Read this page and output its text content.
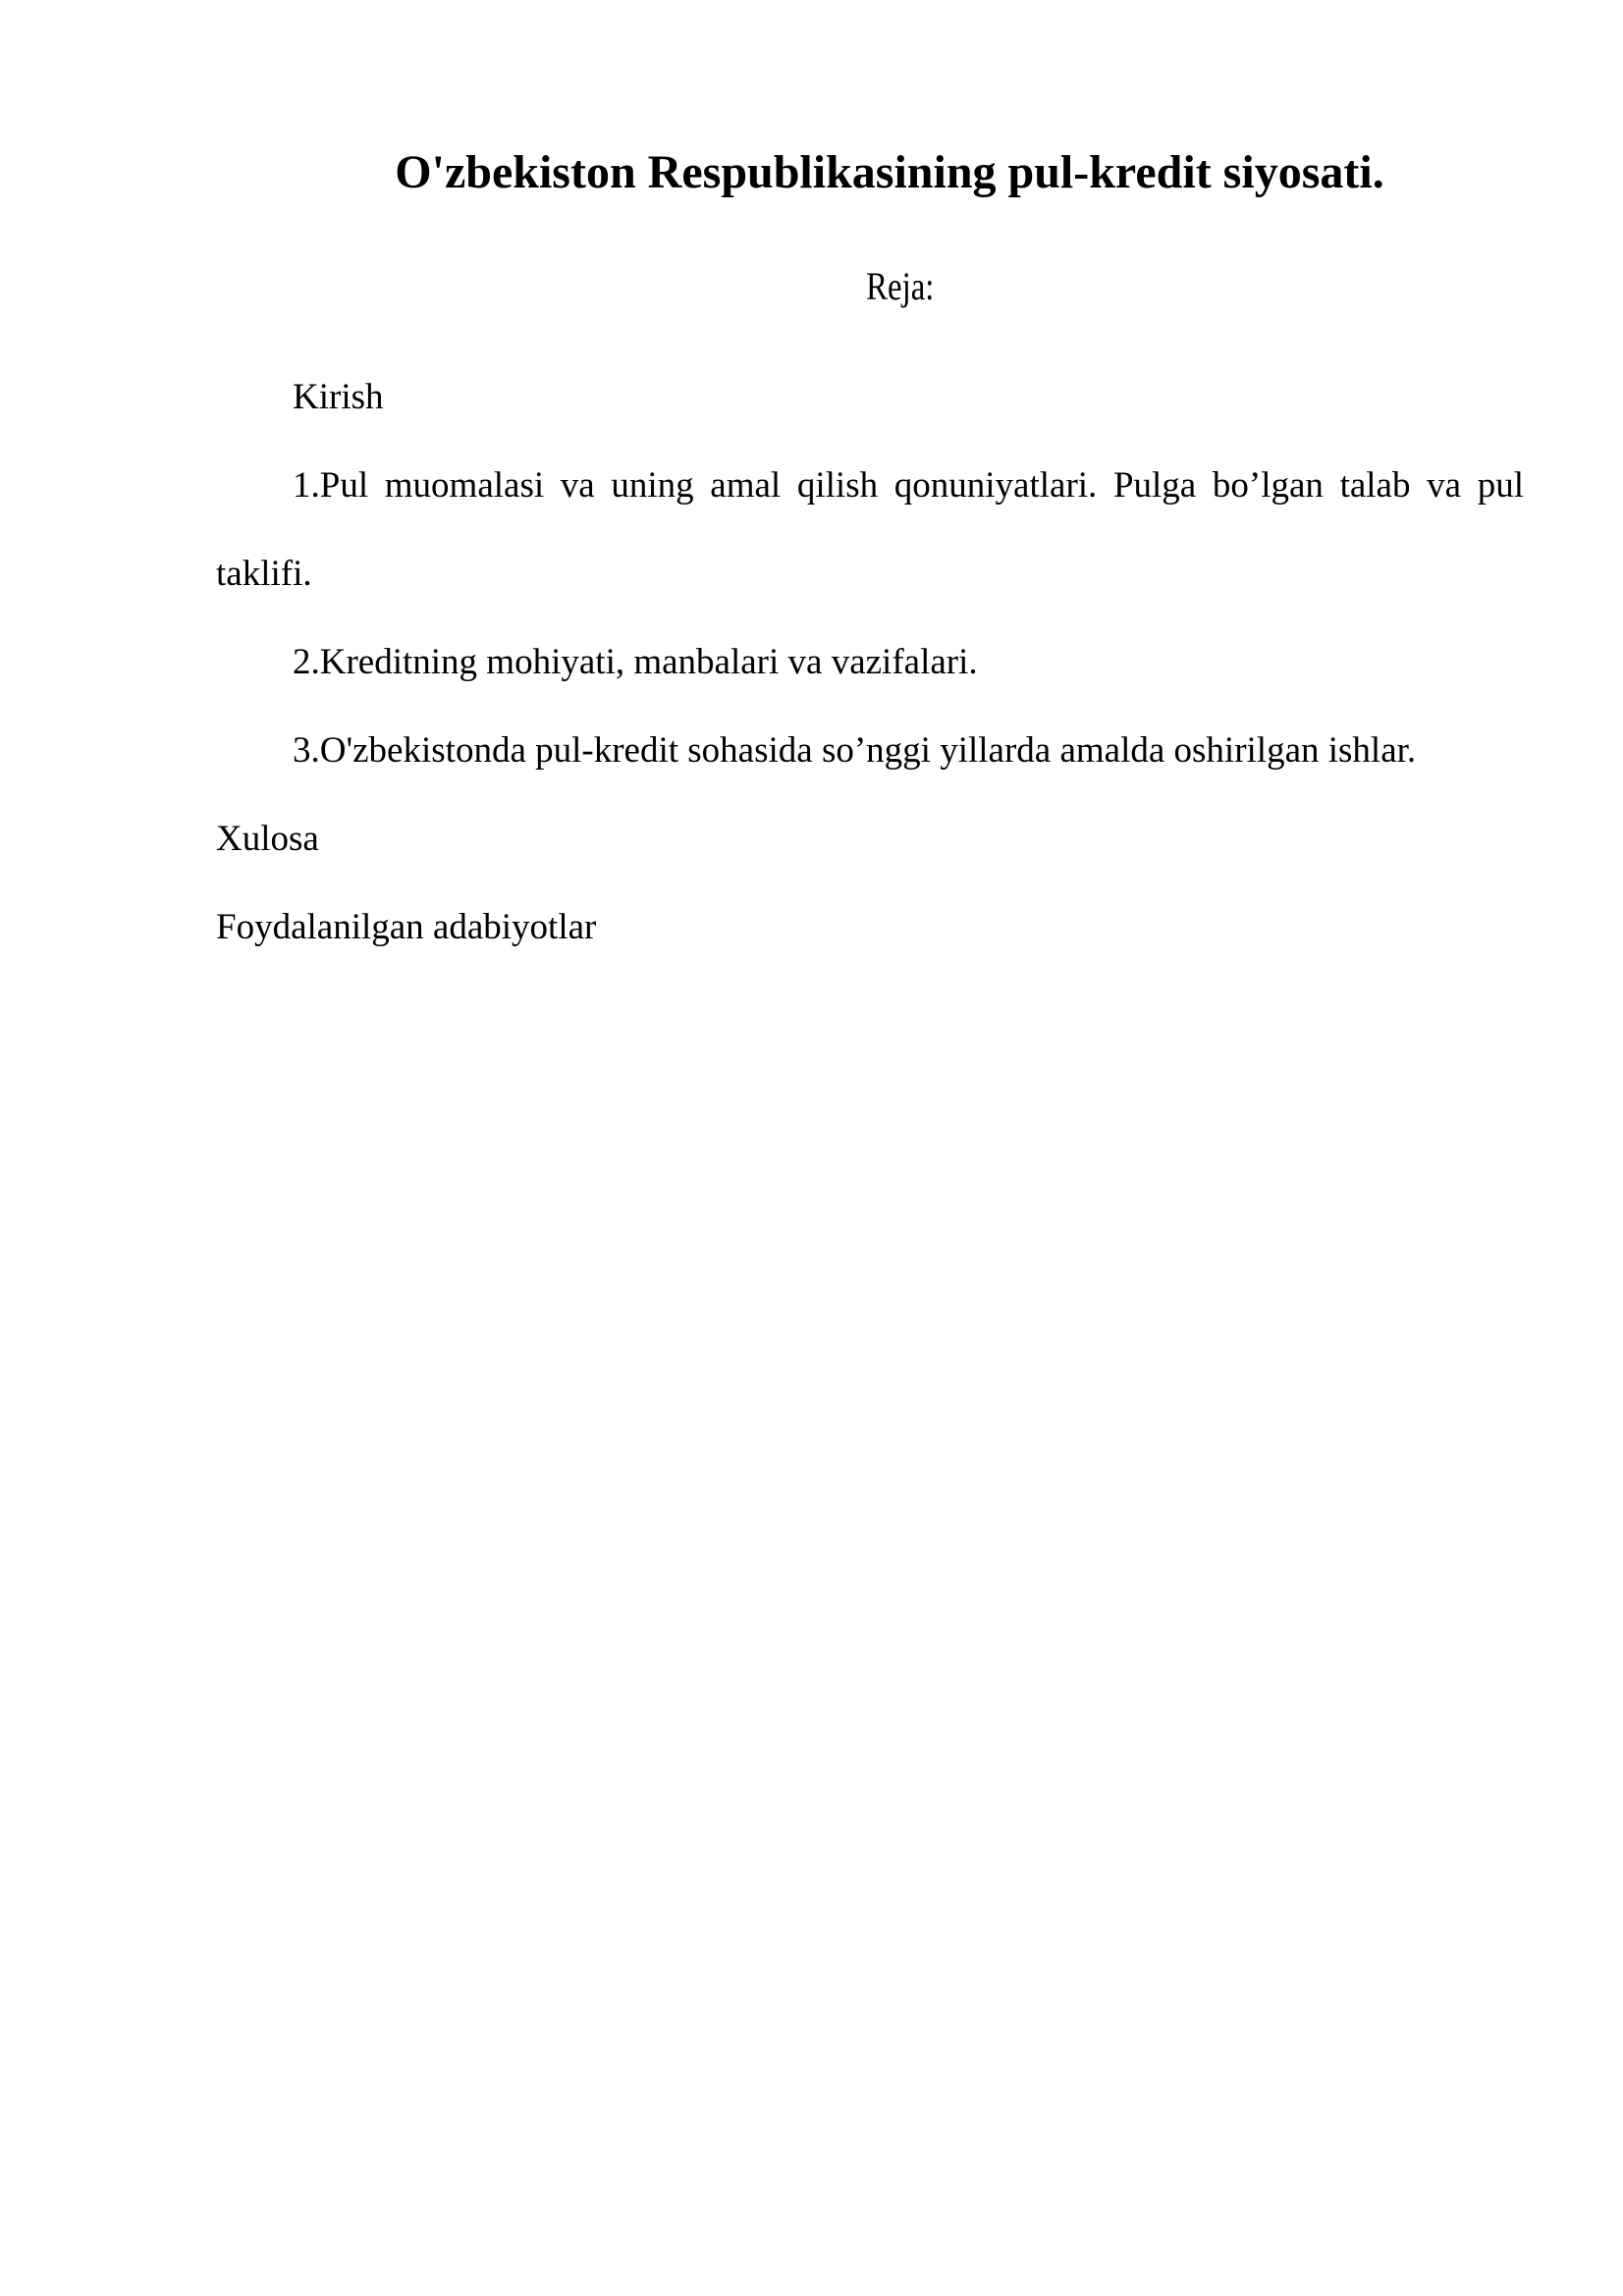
O'zbekiston Respublikasining pul-kredit siyosati.

Reja:

Kirish
1.Pul muomalasi va uning amal qilish qonuniyatlari. Pulga bo’lgan talab va pul taklifi.
2.Kreditning mohiyati, manbalari va vazifalari.
3.O'zbekistonda pul-kredit sohasida so’nggi yillarda amalda oshirilgan ishlar.
Xulosa
Foydalanilgan adabiyotlar
